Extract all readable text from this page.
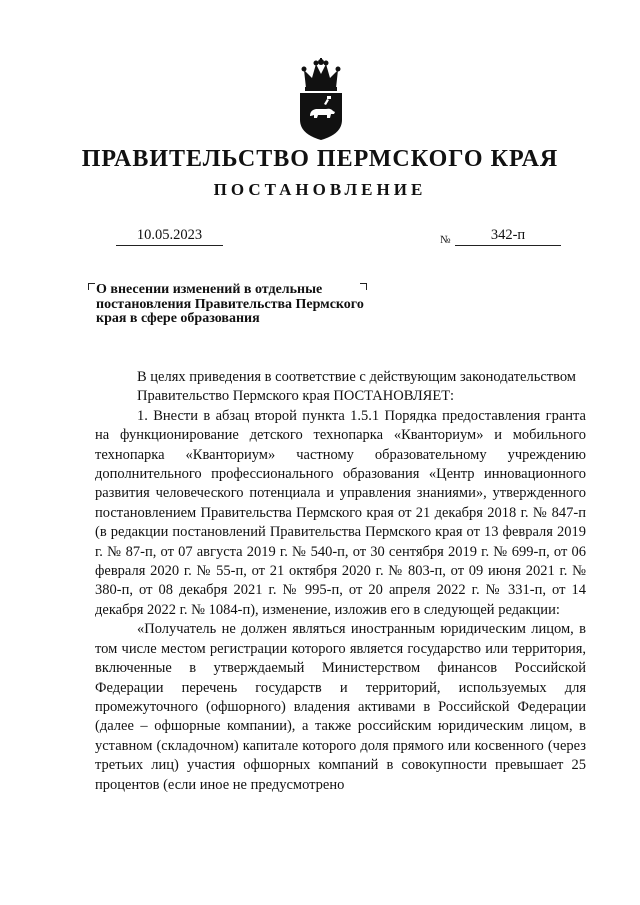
ПРАВИТЕЛЬСТВО ПЕРМСКОГО КРАЯ
ПОСТАНОВЛЕНИЕ
10.05.2023	№	342-п
О внесении изменений в отдельные постановления Правительства Пермского края в сфере образования

В целях приведения в соответствие с действующим законодательством

Правительство Пермского края ПОСТАНОВЛЯЕТ:

1. Внести в абзац второй пункта 1.5.1 Порядка предоставления гранта на функционирование детского технопарка «Кванториум» и мобильного технопарка «Кванториум» частному образовательному учреждению дополнительного профессионального образования «Центр инновационного развития человеческого потенциала и управления знаниями», утвержденного постановлением Правительства Пермского края от 21 декабря 2018 г. № 847-п (в редакции постановлений Правительства Пермского края от 13 февраля 2019 г. № 87-п, от 07 августа 2019 г. № 540-п, от 30 сентября 2019 г. № 699-п, от 06 февраля 2020 г. № 55-п, от 21 октября 2020 г. № 803-п, от 09 июня 2021 г. № 380-п, от 08 декабря 2021 г. № 995-п, от 20 апреля 2022 г. № 331-п, от 14 декабря 2022 г. № 1084-п), изменение, изложив его в следующей редакции:

«Получатель не должен являться иностранным юридическим лицом, в том числе местом регистрации которого является государство или территория, включенные в утверждаемый Министерством финансов Российской Федерации перечень государств и территорий, используемых для промежуточного (офшорного) владения активами в Российской Федерации (далее – офшорные компании), а также российским юридическим лицом, в уставном (складочном) капитале которого доля прямого или косвенного (через третьих лиц) участия офшорных компаний в совокупности превышает 25 процентов (если иное не предусмотрено
